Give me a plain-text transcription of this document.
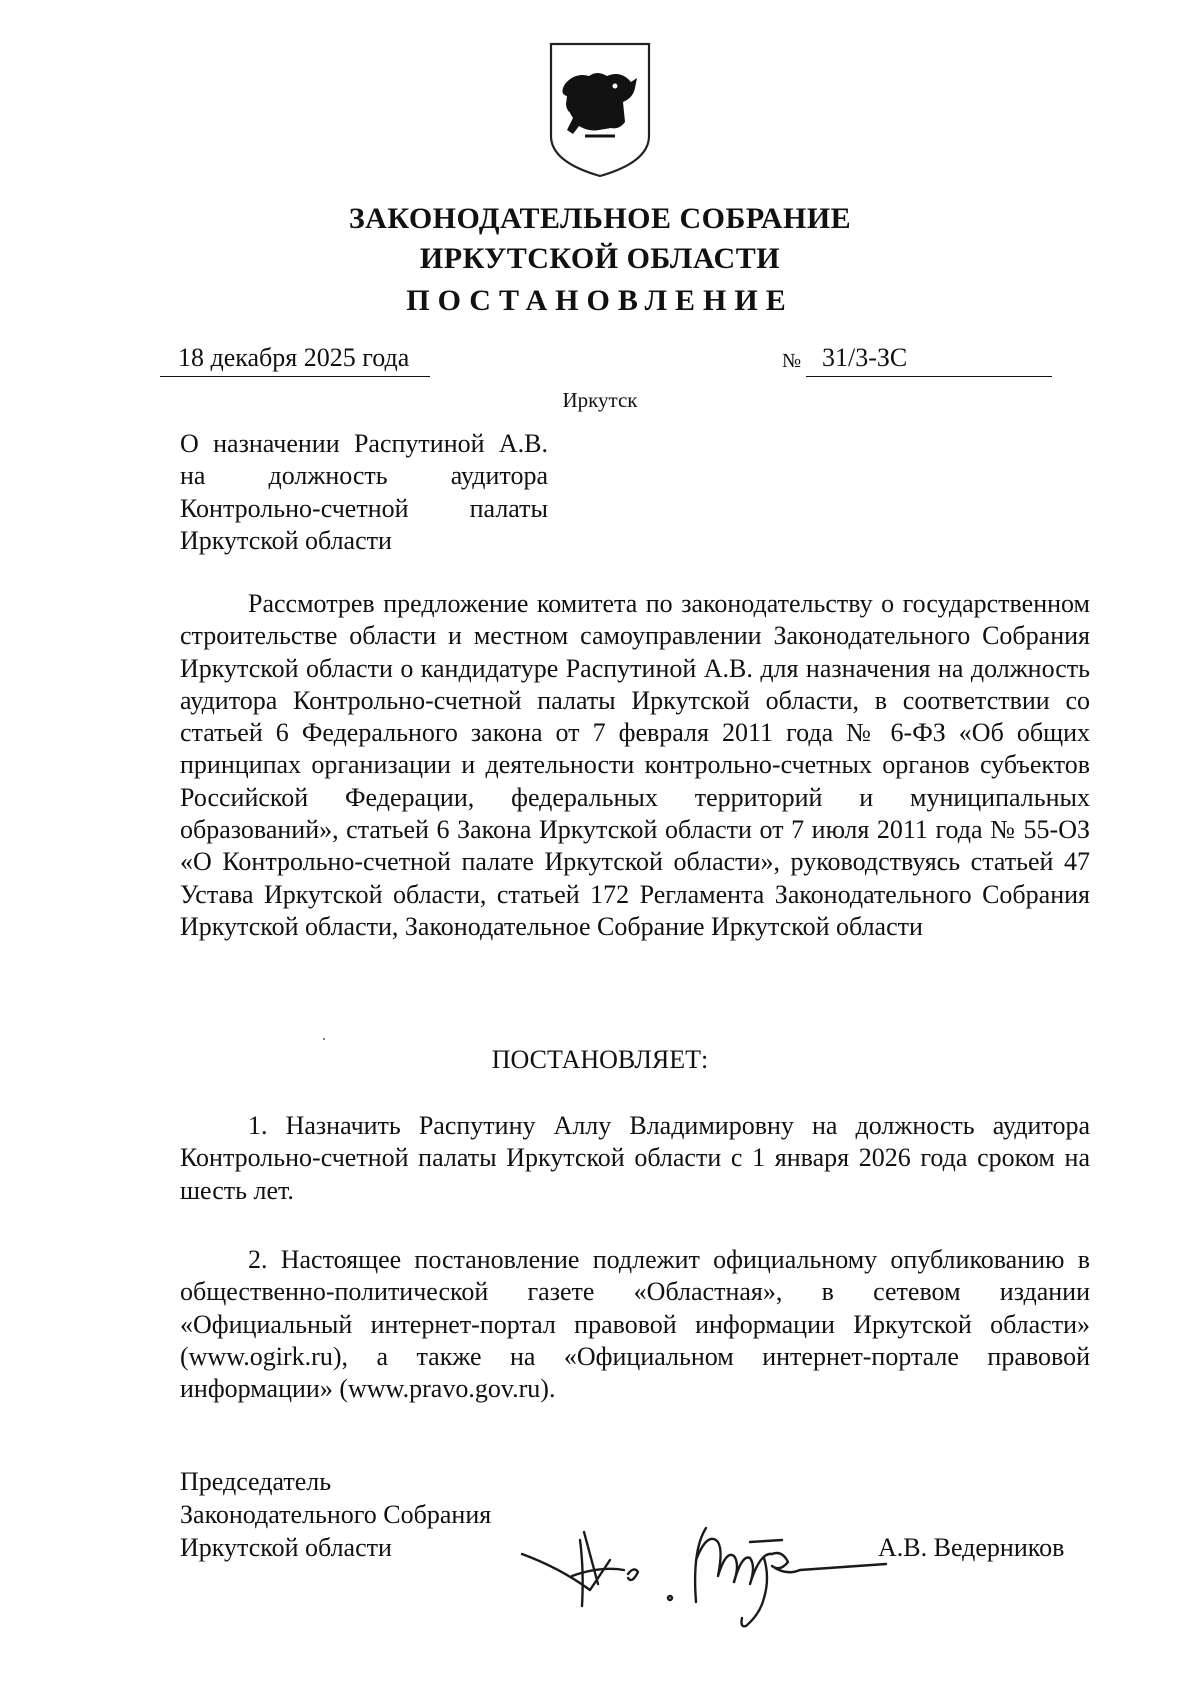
ЗАКОНОДАТЕЛЬНОЕ СОБРАНИЕ
ИРКУТСКОЙ ОБЛАСТИ
ПОСТАНОВЛЕНИЕ
18 декабря 2025 года	№ 31/3-ЗС
Иркутск
О назначении Распутиной А.В.
на должность аудитора
Контрольно-счетной палаты
Иркутской области
Рассмотрев предложение комитета по законодательству о государственном строительстве области и местном самоуправлении Законодательного Собрания Иркутской области о кандидатуре Распутиной А.В. для назначения на должность аудитора Контрольно-счетной палаты Иркутской области, в соответствии со статьей 6 Федерального закона от 7 февраля 2011 года № 6-ФЗ «Об общих принципах организации и деятельности контрольно-счетных органов субъектов Российской Федерации, федеральных территорий и муниципальных образований», статьей 6 Закона Иркутской области от 7 июля 2011 года № 55-ОЗ «О Контрольно-счетной палате Иркутской области», руководствуясь статьей 47 Устава Иркутской области, статьей 172 Регламента Законодательного Собрания Иркутской области, Законодательное Собрание Иркутской области
ПОСТАНОВЛЯЕТ:
1. Назначить Распутину Аллу Владимировну на должность аудитора Контрольно-счетной палаты Иркутской области с 1 января 2026 года сроком на шесть лет.
2. Настоящее постановление подлежит официальному опубликованию в общественно-политической газете «Областная», в сетевом издании «Официальный интернет-портал правовой информации Иркутской области» (www.ogirk.ru), а также на «Официальном интернет-портале правовой информации» (www.pravo.gov.ru).
Председатель
Законодательного Собрания
Иркутской области	А.В. Ведерников
